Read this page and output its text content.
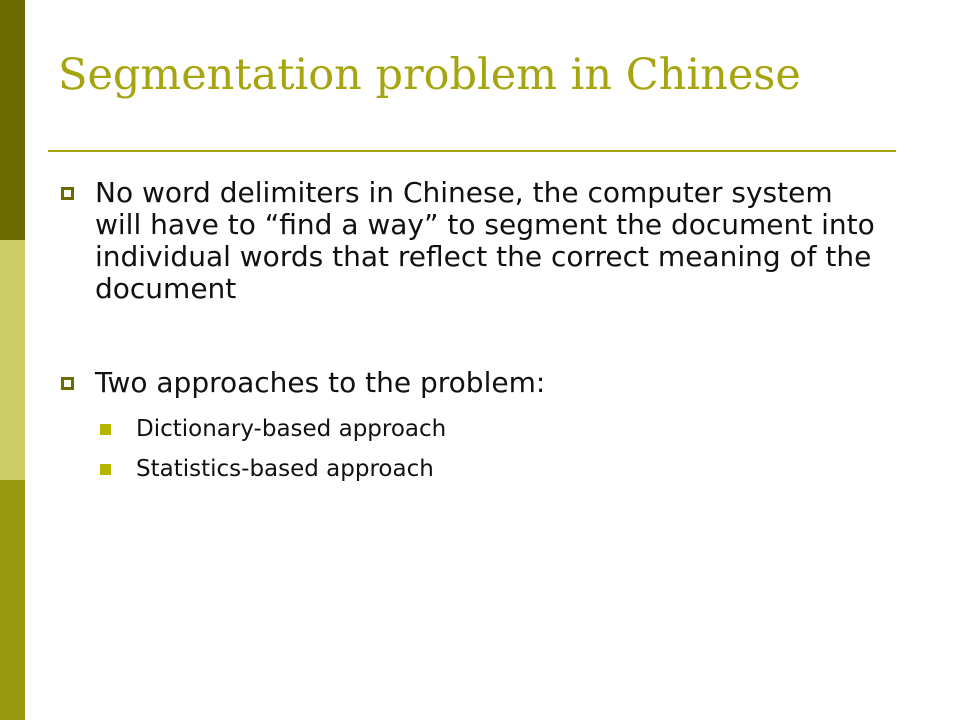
Segmentation problem in Chinese
No word delimiters in Chinese, the computer system will have to “find a way” to segment the document into individual words that reflect the correct meaning of the document
Two approaches to the problem:
Dictionary-based approach
Statistics-based approach
